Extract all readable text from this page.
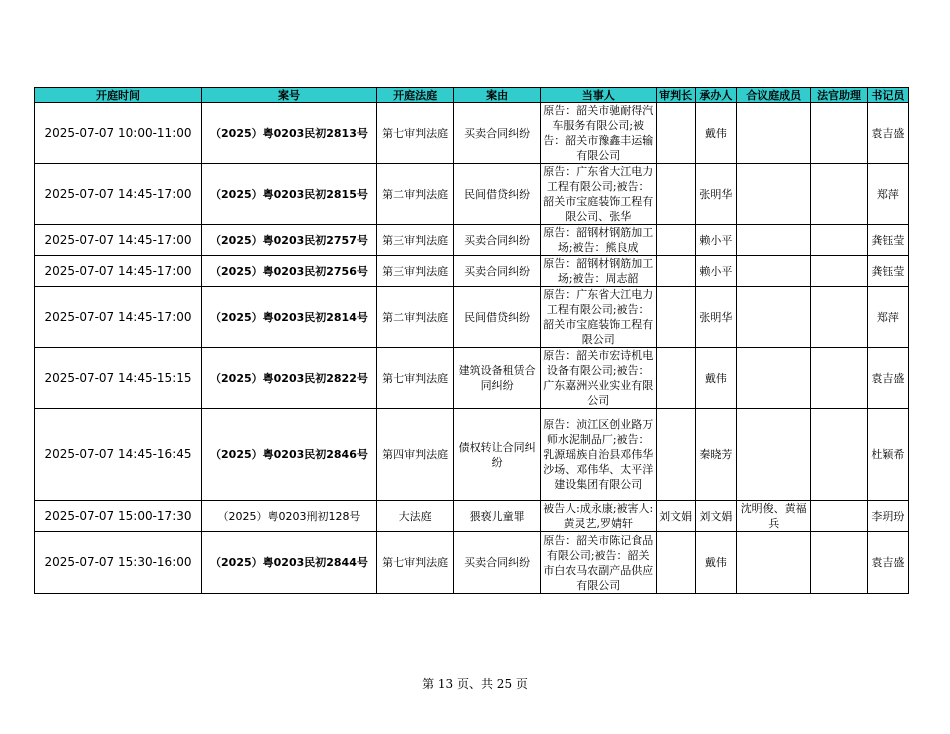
开庭时间	案号	开庭法庭	案由	当事人	审判长	承办人	合议庭成员	法官助理	书记员
2025-07-07 10:00-11:00	（2025）粤0203民初2813号	第七审判法庭	买卖合同纠纷	原告：韶关市驰耐得汽车服务有限公司;被告：韶关市豫鑫丰运输有限公司		戴伟			袁吉盛
2025-07-07 14:45-17:00	（2025）粤0203民初2815号	第二审判法庭	民间借贷纠纷	原告：广东省大江电力工程有限公司;被告：韶关市宝庭装饰工程有限公司、张华		张明华			郑萍
2025-07-07 14:45-17:00	（2025）粤0203民初2757号	第三审判法庭	买卖合同纠纷	原告：韶钢材钢筋加工场;被告：熊良成		赖小平			龚钰莹
2025-07-07 14:45-17:00	（2025）粤0203民初2756号	第三审判法庭	买卖合同纠纷	原告：韶钢材钢筋加工场;被告：周志韶		赖小平			龚钰莹
2025-07-07 14:45-17:00	（2025）粤0203民初2814号	第二审判法庭	民间借贷纠纷	原告：广东省大江电力工程有限公司;被告：韶关市宝庭装饰工程有限公司		张明华			郑萍
2025-07-07 14:45-15:15	（2025）粤0203民初2822号	第七审判法庭	建筑设备租赁合同纠纷	原告：韶关市宏诗机电设备有限公司;被告：广东嘉洲兴业实业有限公司		戴伟			袁吉盛
2025-07-07 14:45-16:45	（2025）粤0203民初2846号	第四审判法庭	债权转让合同纠纷	原告：浈江区创业路万师水泥制品厂;被告：乳源瑶族自治县邓伟华沙场、邓伟华、太平洋建设集团有限公司		秦晓芳			杜颖希
2025-07-07 15:00-17:30	（2025）粤0203刑初128号	大法庭	猥亵儿童罪	被告人:成永康;被害人:黄灵艺,罗婧轩	刘文娟	刘文娟	沈明俊、黄福兵		李玥玢
2025-07-07 15:30-16:00	（2025）粤0203民初2844号	第七审判法庭	买卖合同纠纷	原告：韶关市陈记食品有限公司;被告：韶关市白农马农副产品供应有限公司		戴伟			袁吉盛
第 13 页、共 25 页
